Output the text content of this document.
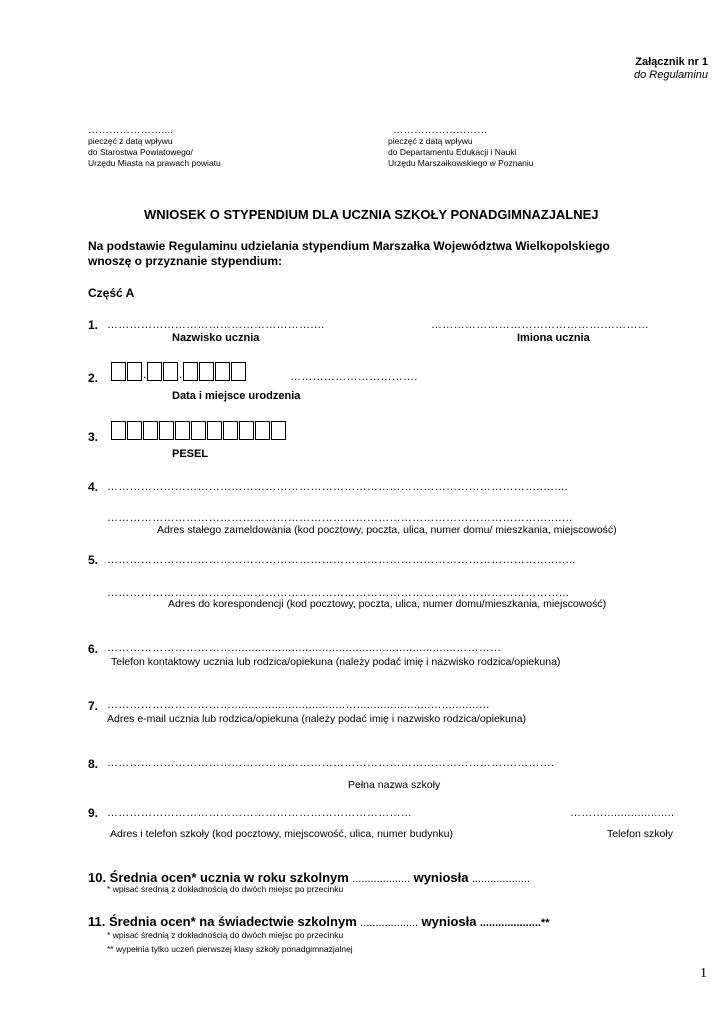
Załącznik nr 1
do Regulaminu
…………………....
pieczęć z datą wpływu
do Starostwa Powiatowego/
Urzędu Miasta na prawach powiatu
………………………
pieczęć z datą wpływu
do Departamentu Edukacji i Nauki
Urzędu Marszałkowskiego w Poznaniu
WNIOSEK O STYPENDIUM DLA UCZNIA SZKOŁY PONADGIMNAZJALNEJ
Na podstawie Regulaminu udzielania stypendium Marszałka Województwa Wielkopolskiego
wnoszę o przyznanie stypendium:
Część A
1. ……………………………………………….…	……………………………………….…………
Nazwisko ucznia	Imiona ucznia
2.	.	.	…………………………….
Data i miejsce urodzenia
3.
PESEL
4. ……………………………………………………………………………………………………..…....
………………………………………………………………………………………………………..…..
Adres stałego zameldowania (kod pocztowy, poczta, ulica, numer domu/ mieszkania, miejscowość)
5. ………………………………………………………………………………………………………..…...
…………………………………………………………………………………………………………...
Adres do korespondencji (kod pocztowy, poczta, ulica, numer domu/mieszkania, miejscowość)
6. ……………………………...................................................................…………
Telefon kontaktowy ucznia lub rodzica/opiekuna (należy podać imię i nazwisko rodzica/opiekuna)
7. ……………………………..................................…......................…...........…
Adres e-mail ucznia lub rodzica/opiekuna (należy podać imię i nazwisko rodzica/opiekuna)
8. ……………………………………………………………………………………………….……….
Pełna nazwa szkoły
9. ………………………………………………………………………	……….....................
Adres i telefon szkoły (kod pocztowy, miejscowość, ulica, numer budynku)	Telefon szkoły
10. Średnia ocen* ucznia w roku szkolnym ................... wyniosła ...................
* wpisać średnią z dokładnością do dwóch miejsc po przecinku
11. Średnia ocen* na świadectwie szkolnym ................... wyniosła ....................**
* wpisać średnią z dokładnością do dwóch miejsc po przecinku
** wypełnia tylko uczeń pierwszej klasy szkoły ponadgimnazjalnej
1
